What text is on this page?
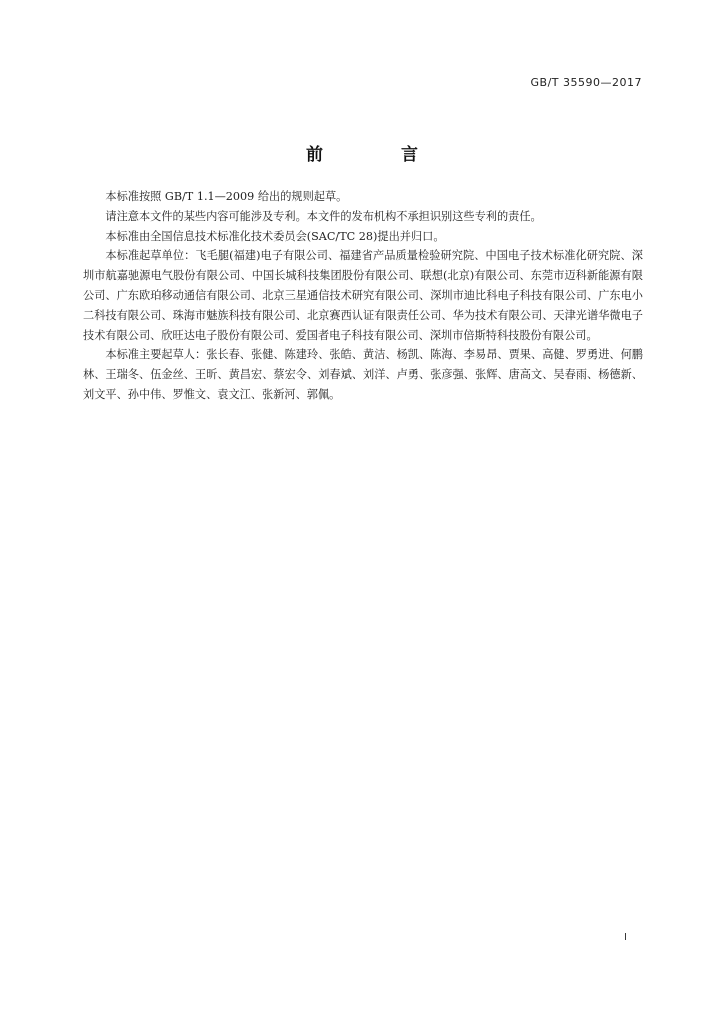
GB/T 35590—2017
前 言

本标准按照 GB/T 1.1—2009 给出的规则起草。

请注意本文件的某些内容可能涉及专利。本文件的发布机构不承担识别这些专利的责任。

本标准由全国信息技术标准化技术委员会(SAC/TC 28)提出并归口。

本标准起草单位：飞毛腿(福建)电子有限公司、福建省产品质量检验研究院、中国电子技术标准化研究院、深圳市航嘉驰源电气股份有限公司、中国长城科技集团股份有限公司、联想(北京)有限公司、东莞市迈科新能源有限公司、广东欧珀移动通信有限公司、北京三星通信技术研究有限公司、深圳市迪比科电子科技有限公司、广东电小二科技有限公司、珠海市魅族科技有限公司、北京赛西认证有限责任公司、华为技术有限公司、天津光谱华微电子技术有限公司、欣旺达电子股份有限公司、爱国者电子科技有限公司、深圳市倍斯特科技股份有限公司。

本标准主要起草人：张长春、张健、陈建玲、张皓、黄洁、杨凯、陈海、李易昂、贾果、高健、罗勇进、何鹏林、王瑞冬、伍金丝、王昕、黄昌宏、蔡宏令、刘春斌、刘洋、卢勇、张彦强、张辉、唐高文、吴春雨、杨德新、刘文平、孙中伟、罗惟文、袁文江、张新河、郭佩。

I
